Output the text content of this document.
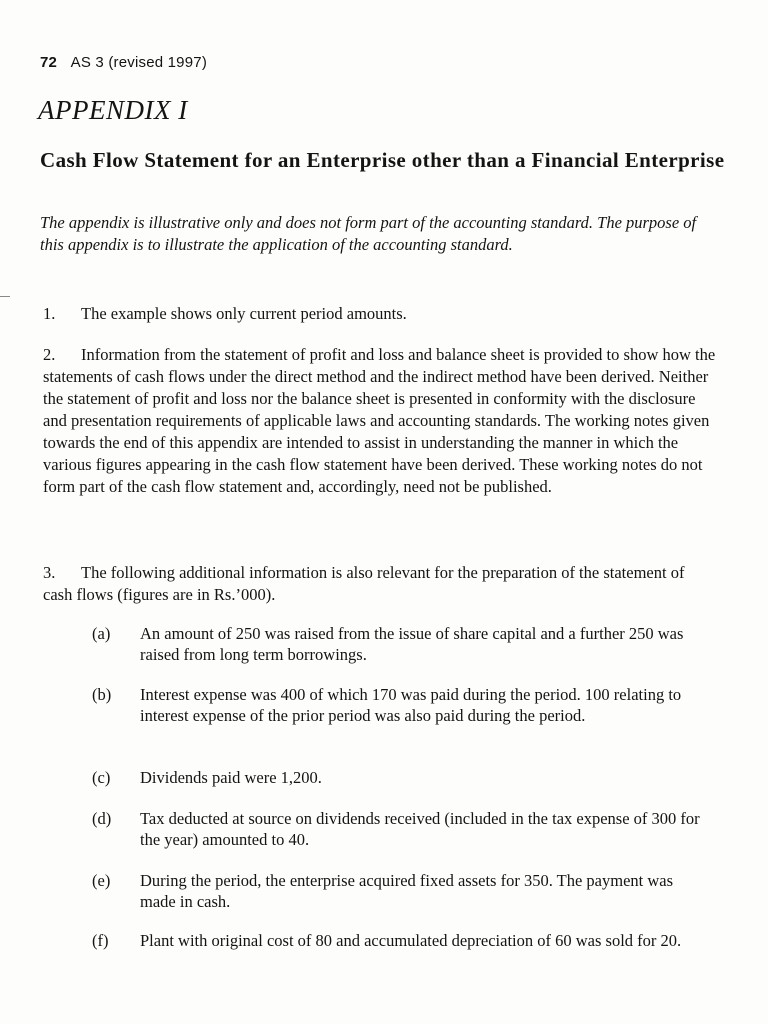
72 AS 3 (revised 1997)
APPENDIX I
Cash Flow Statement for an Enterprise other than a Financial Enterprise

The appendix is illustrative only and does not form part of the accounting standard. The purpose of this appendix is to illustrate the application of the accounting standard.

1. The example shows only current period amounts.

2. Information from the statement of profit and loss and balance sheet is provided to show how the statements of cash flows under the direct method and the indirect method have been derived. Neither the statement of profit and loss nor the balance sheet is presented in conformity with the disclosure and presentation requirements of applicable laws and accounting standards. The working notes given towards the end of this appendix are intended to assist in understanding the manner in which the various figures appearing in the cash flow statement have been derived. These working notes do not form part of the cash flow statement and, accordingly, need not be published.

3. The following additional information is also relevant for the preparation of the statement of cash flows (figures are in Rs.’000).

(a)	An amount of 250 was raised from the issue of share capital and a further 250 was raised from long term borrowings.
(b)	Interest expense was 400 of which 170 was paid during the period. 100 relating to interest expense of the prior period was also paid during the period.
(c)	Dividends paid were 1,200.
(d)	Tax deducted at source on dividends received (included in the tax expense of 300 for the year) amounted to 40.
(e)	During the period, the enterprise acquired fixed assets for 350. The payment was made in cash.
(f)	Plant with original cost of 80 and accumulated depreciation of 60 was sold for 20.
